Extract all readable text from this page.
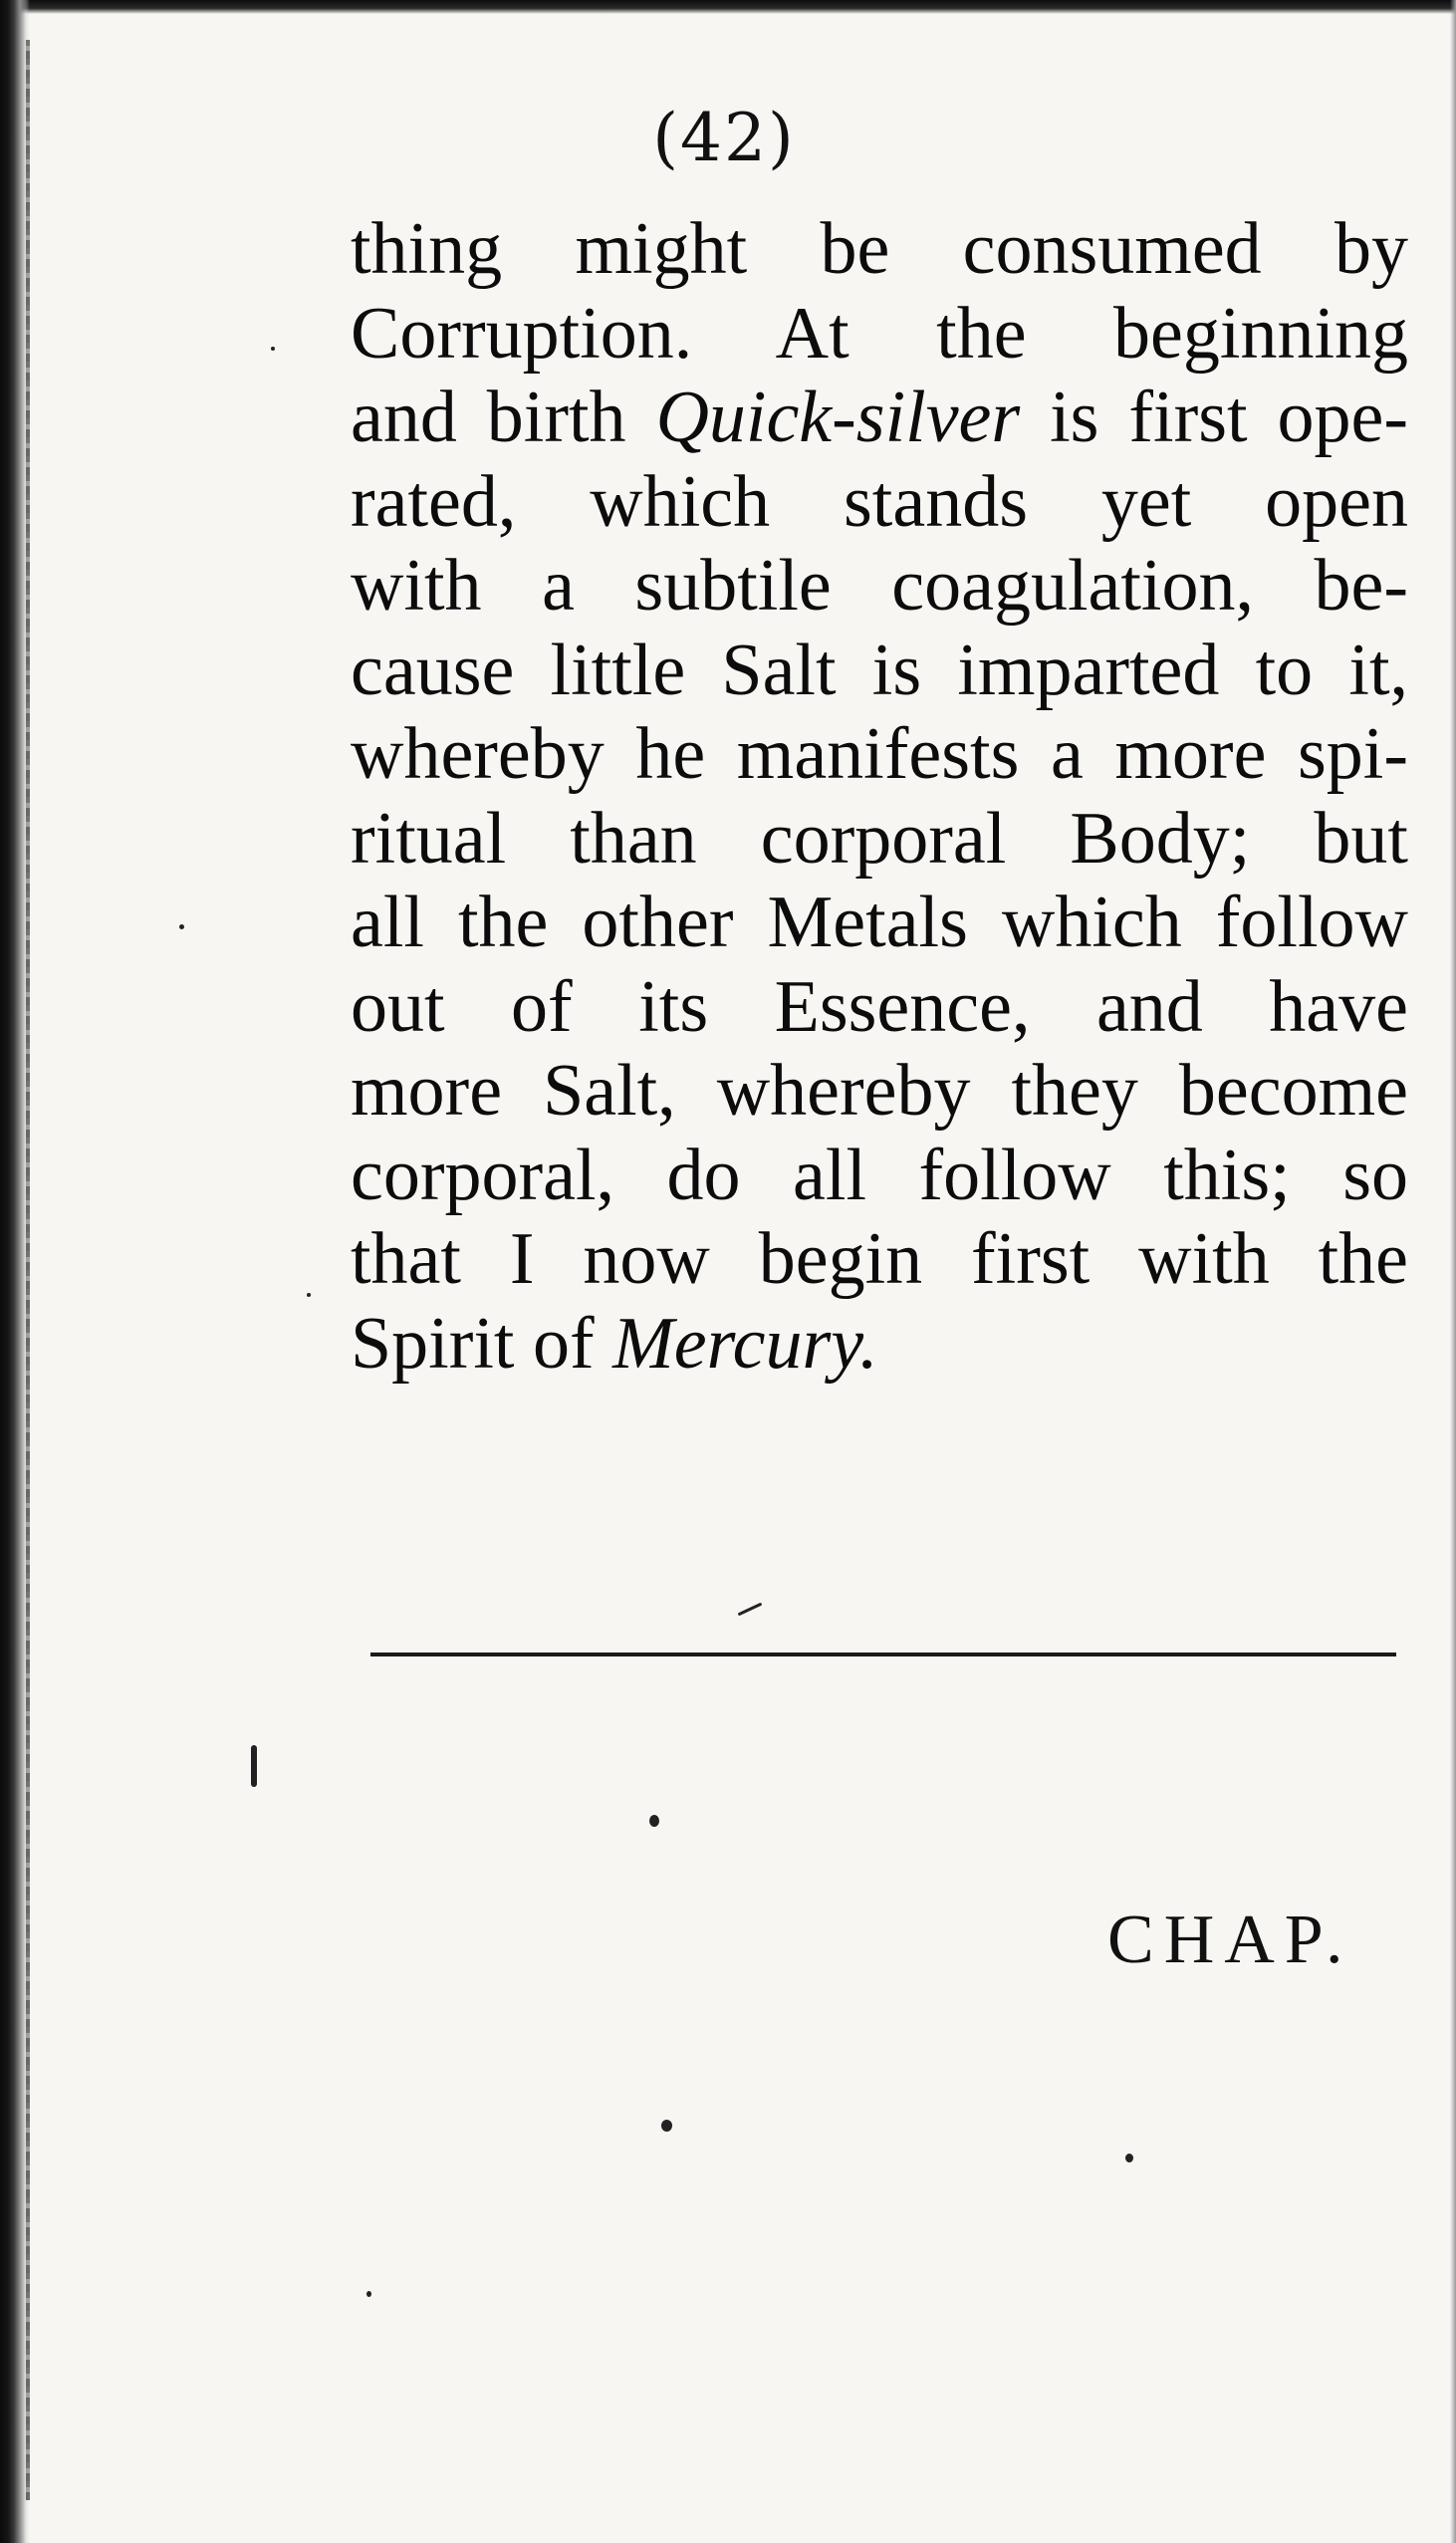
(42)
thing might be consumed by
Corruption. At the beginning
and birth Quick-silver is first ope-
rated, which stands yet open
with a subtile coagulation, be-
cause little Salt is imparted to it,
whereby he manifests a more spi-
ritual than corporal Body; but
all the other Metals which follow
out of its Essence, and have
more Salt, whereby they become
corporal, do all follow this; so
that I now begin first with the
Spirit of Mercury.
CHAP.
